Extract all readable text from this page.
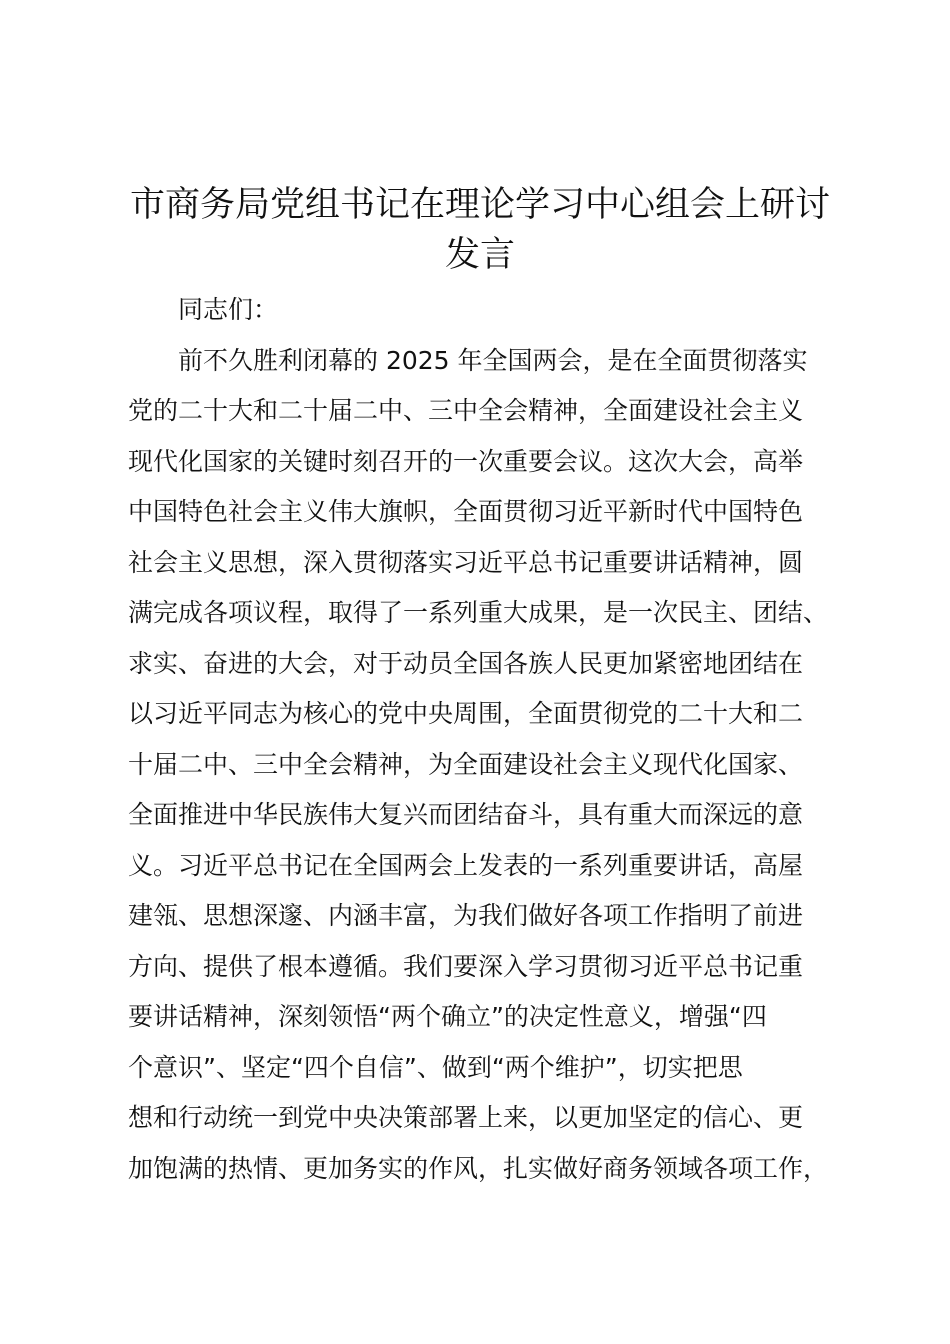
市商务局党组书记在理论学习中心组会上研讨
发言

同志们：

前不久胜利闭幕的 2025 年全国两会，是在全面贯彻落实

党的二十大和二十届二中、三中全会精神，全面建设社会主义

现代化国家的关键时刻召开的一次重要会议。这次大会，高举

中国特色社会主义伟大旗帜，全面贯彻习近平新时代中国特色

社会主义思想，深入贯彻落实习近平总书记重要讲话精神，圆

满完成各项议程，取得了一系列重大成果，是一次民主、团结、

求实、奋进的大会，对于动员全国各族人民更加紧密地团结在

以习近平同志为核心的党中央周围，全面贯彻党的二十大和二

十届二中、三中全会精神，为全面建设社会主义现代化国家、

全面推进中华民族伟大复兴而团结奋斗，具有重大而深远的意

义。习近平总书记在全国两会上发表的一系列重要讲话，高屋

建瓴、思想深邃、内涵丰富，为我们做好各项工作指明了前进

方向、提供了根本遵循。我们要深入学习贯彻习近平总书记重

要讲话精神，深刻领悟“两个确立”的决定性意义，增强“四

个意识”、坚定“四个自信”、做到“两个维护”，切实把思

想和行动统一到党中央决策部署上来，以更加坚定的信心、更

加饱满的热情、更加务实的作风，扎实做好商务领域各项工作，
